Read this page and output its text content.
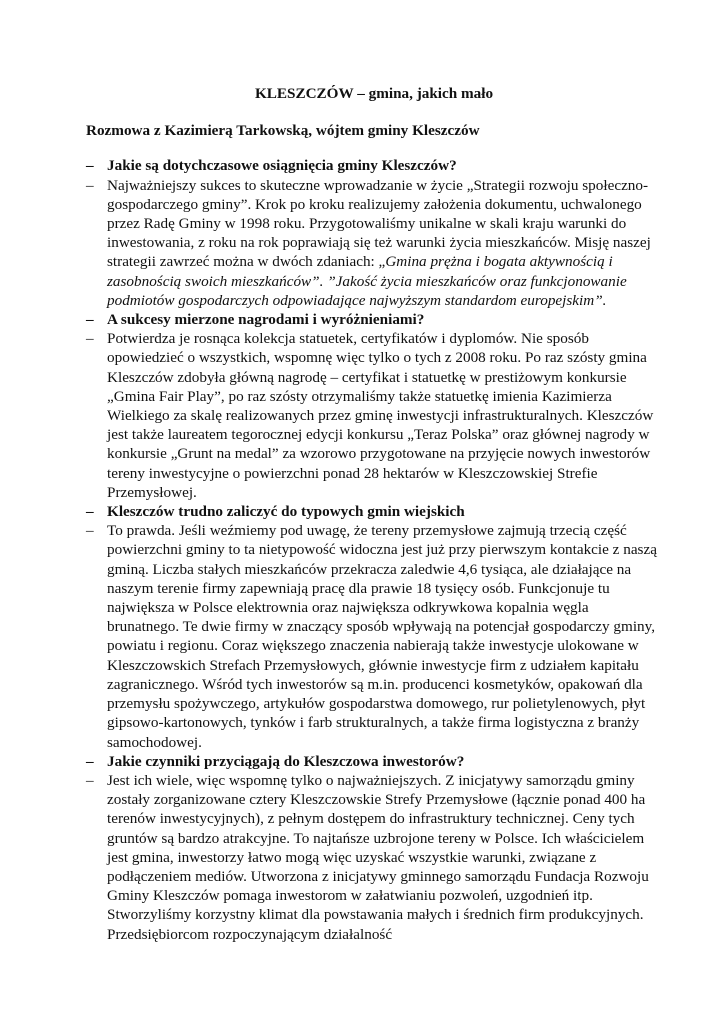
KLESZCZÓW – gmina, jakich mało
Rozmowa z Kazimierą Tarkowską, wójtem gminy Kleszczów
– Jakie są dotychczasowe osiągnięcia gminy Kleszczów?
– Najważniejszy sukces to skuteczne wprowadzanie w życie „Strategii rozwoju społeczno-gospodarczego gminy”. Krok po kroku realizujemy założenia dokumentu, uchwalonego przez Radę Gminy w 1998 roku. Przygotowaliśmy unikalne w skali kraju warunki do inwestowania, z roku na rok poprawiają się też warunki życia mieszkańców. Misję naszej strategii zawrzeć można w dwóch zdaniach: „Gmina prężna i bogata aktywnością i zasobnością swoich mieszkańców”. ”Jakość życia mieszkańców oraz funkcjonowanie podmiotów gospodarczych odpowiadające najwyższym standardom europejskim”.
– A sukcesy mierzone nagrodami i wyróżnieniami?
– Potwierdza je rosnąca kolekcja statuetek, certyfikatów i dyplomów. Nie sposób opowiedzieć o wszystkich, wspomnę więc tylko o tych z 2008 roku. Po raz szósty gmina Kleszczów zdobyła główną nagrodę – certyfikat i statuetkę w prestiżowym konkursie „Gmina Fair Play”, po raz szósty otrzymaliśmy także statuetkę imienia Kazimierza Wielkiego za skalę realizowanych przez gminę inwestycji infrastrukturalnych. Kleszczów jest także laureatem tegorocznej edycji konkursu „Teraz Polska” oraz głównej nagrody w konkursie „Grunt na medal” za wzorowo przygotowane na przyjęcie nowych inwestorów tereny inwestycyjne o powierzchni ponad 28 hektarów w Kleszczowskiej Strefie Przemysłowej.
– Kleszczów trudno zaliczyć do typowych gmin wiejskich
– To prawda. Jeśli weźmiemy pod uwagę, że tereny przemysłowe zajmują trzecią część powierzchni gminy to ta nietypowość widoczna jest już przy pierwszym kontakcie z naszą gminą. Liczba stałych mieszkańców przekracza zaledwie 4,6 tysiąca, ale działające na naszym terenie firmy zapewniają pracę dla prawie 18 tysięcy osób. Funkcjonuje tu największa w Polsce elektrownia oraz największa odkrywkowa kopalnia węgla brunatnego. Te dwie firmy w znaczący sposób wpływają na potencjał gospodarczy gminy, powiatu i regionu. Coraz większego znaczenia nabierają także inwestycje ulokowane w Kleszczowskich Strefach Przemysłowych, głównie inwestycje firm z udziałem kapitału zagranicznego. Wśród tych inwestorów są m.in. producenci kosmetyków, opakowań dla przemysłu spożywczego, artykułów gospodarstwa domowego, rur polietylenowych, płyt gipsowo-kartonowych, tynków i farb strukturalnych, a także firma logistyczna z branży samochodowej.
– Jakie czynniki przyciągają do Kleszczowa inwestorów?
– Jest ich wiele, więc wspomnę tylko o najważniejszych. Z inicjatywy samorządu gminy zostały zorganizowane cztery Kleszczowskie Strefy Przemysłowe (łącznie ponad 400 ha terenów inwestycyjnych), z pełnym dostępem do infrastruktury technicznej. Ceny tych gruntów są bardzo atrakcyjne. To najtańsze uzbrojone tereny w Polsce. Ich właścicielem jest gmina, inwestorzy łatwo mogą więc uzyskać wszystkie warunki, związane z podłączeniem mediów. Utworzona z inicjatywy gminnego samorządu Fundacja Rozwoju Gminy Kleszczów pomaga inwestorom w załatwianiu pozwoleń, uzgodnień itp. Stworzyliśmy korzystny klimat dla powstawania małych i średnich firm produkcyjnych. Przedsiębiorcom rozpoczynającym działalność
